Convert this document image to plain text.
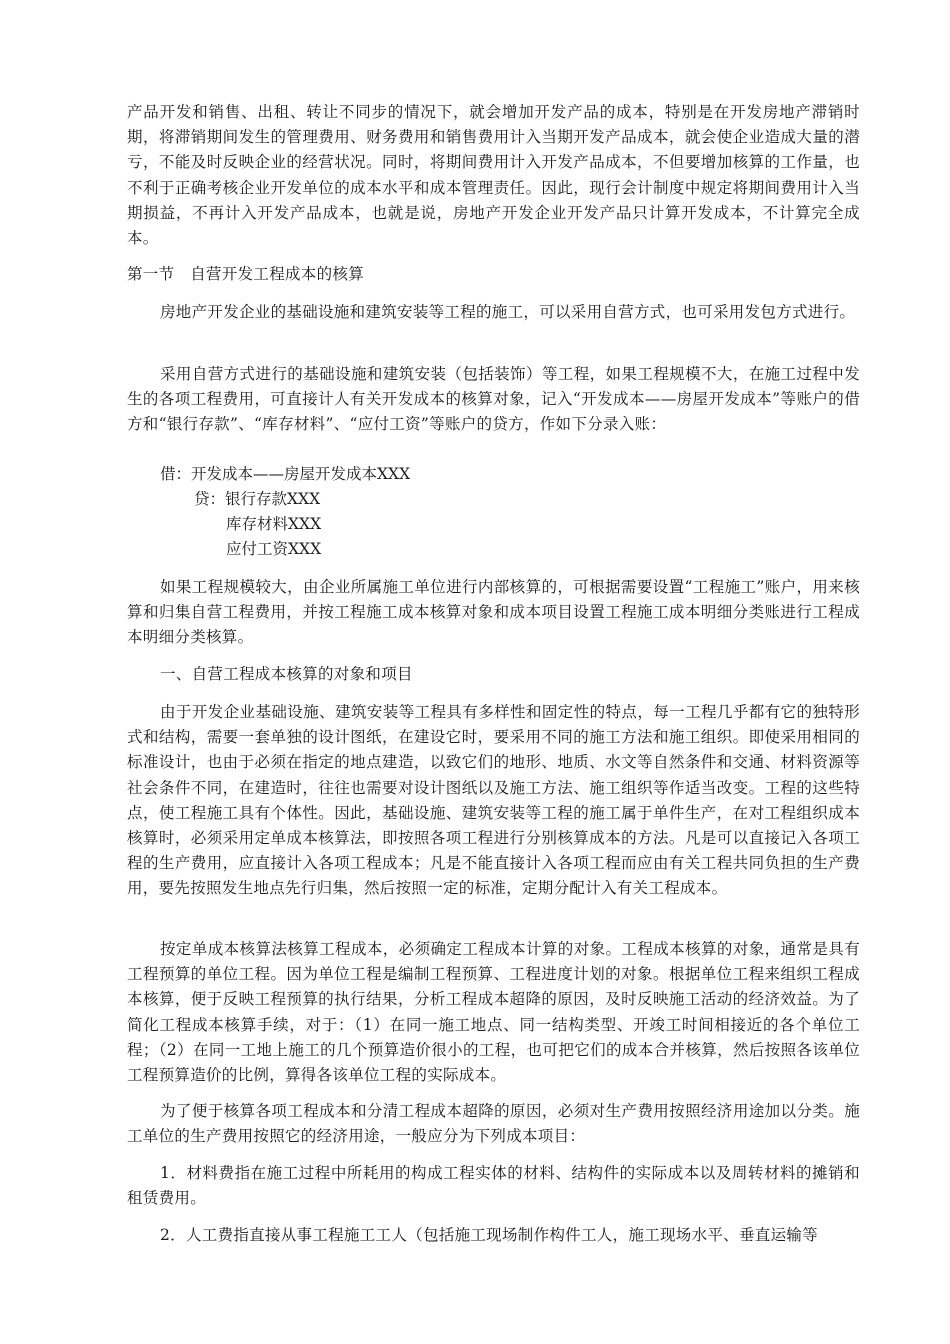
产品开发和销售、出租、转让不同步的情况下，就会增加开发产品的成本，特别是在开发房地产滞销时期，将滞销期间发生的管理费用、财务费用和销售费用计入当期开发产品成本，就会使企业造成大量的潜亏，不能及时反映企业的经营状况。同时，将期间费用计入开发产品成本，不但要增加核算的工作量，也不利于正确考核企业开发单位的成本水平和成本管理责任。因此，现行会计制度中规定将期间费用计入当期损益，不再计入开发产品成本，也就是说，房地产开发企业开发产品只计算开发成本，不计算完全成本。
第一节　自营开发工程成本的核算
房地产开发企业的基础设施和建筑安装等工程的施工，可以采用自营方式，也可采用发包方式进行。
采用自营方式进行的基础设施和建筑安装（包括装饰）等工程，如果工程规模不大，在施工过程中发生的各项工程费用，可直接计人有关开发成本的核算对象，记入“开发成本——房屋开发成本”等账户的借方和“银行存款”、“库存材料”、“应付工资”等账户的贷方，作如下分录入账：
借：开发成本——房屋开发成本XXX
贷：银行存款XXX
库存材料XXX
应付工资XXX
如果工程规模较大，由企业所属施工单位进行内部核算的，可根据需要设置“工程施工”账户，用来核算和归集自营工程费用，并按工程施工成本核算对象和成本项目设置工程施工成本明细分类账进行工程成本明细分类核算。
一、自营工程成本核算的对象和项目
由于开发企业基础设施、建筑安装等工程具有多样性和固定性的特点，每一工程几乎都有它的独特形式和结构，需要一套单独的设计图纸，在建设它时，要采用不同的施工方法和施工组织。即使采用相同的标准设计，也由于必须在指定的地点建造，以致它们的地形、地质、水文等自然条件和交通、材料资源等社会条件不同，在建造时，往往也需要对设计图纸以及施工方法、施工组织等作适当改变。工程的这些特点，使工程施工具有个体性。因此，基础设施、建筑安装等工程的施工属于单件生产，在对工程组织成本核算时，必须采用定单成本核算法，即按照各项工程进行分别核算成本的方法。凡是可以直接记入各项工程的生产费用，应直接计入各项工程成本；凡是不能直接计入各项工程而应由有关工程共同负担的生产费用，要先按照发生地点先行归集，然后按照一定的标准，定期分配计入有关工程成本。
按定单成本核算法核算工程成本，必须确定工程成本计算的对象。工程成本核算的对象，通常是具有工程预算的单位工程。因为单位工程是编制工程预算、工程进度计划的对象。根据单位工程来组织工程成本核算，便于反映工程预算的执行结果，分析工程成本超降的原因，及时反映施工活动的经济效益。为了简化工程成本核算手续，对于：（1）在同一施工地点、同一结构类型、开竣工时间相接近的各个单位工程；（2）在同一工地上施工的几个预算造价很小的工程，也可把它们的成本合并核算，然后按照各该单位工程预算造价的比例，算得各该单位工程的实际成本。
为了便于核算各项工程成本和分清工程成本超降的原因，必须对生产费用按照经济用途加以分类。施工单位的生产费用按照它的经济用途，一般应分为下列成本项目：
1．材料费指在施工过程中所耗用的构成工程实体的材料、结构件的实际成本以及周转材料的摊销和租赁费用。
2．人工费指直接从事工程施工工人（包括施工现场制作构件工人，施工现场水平、垂直运输等
